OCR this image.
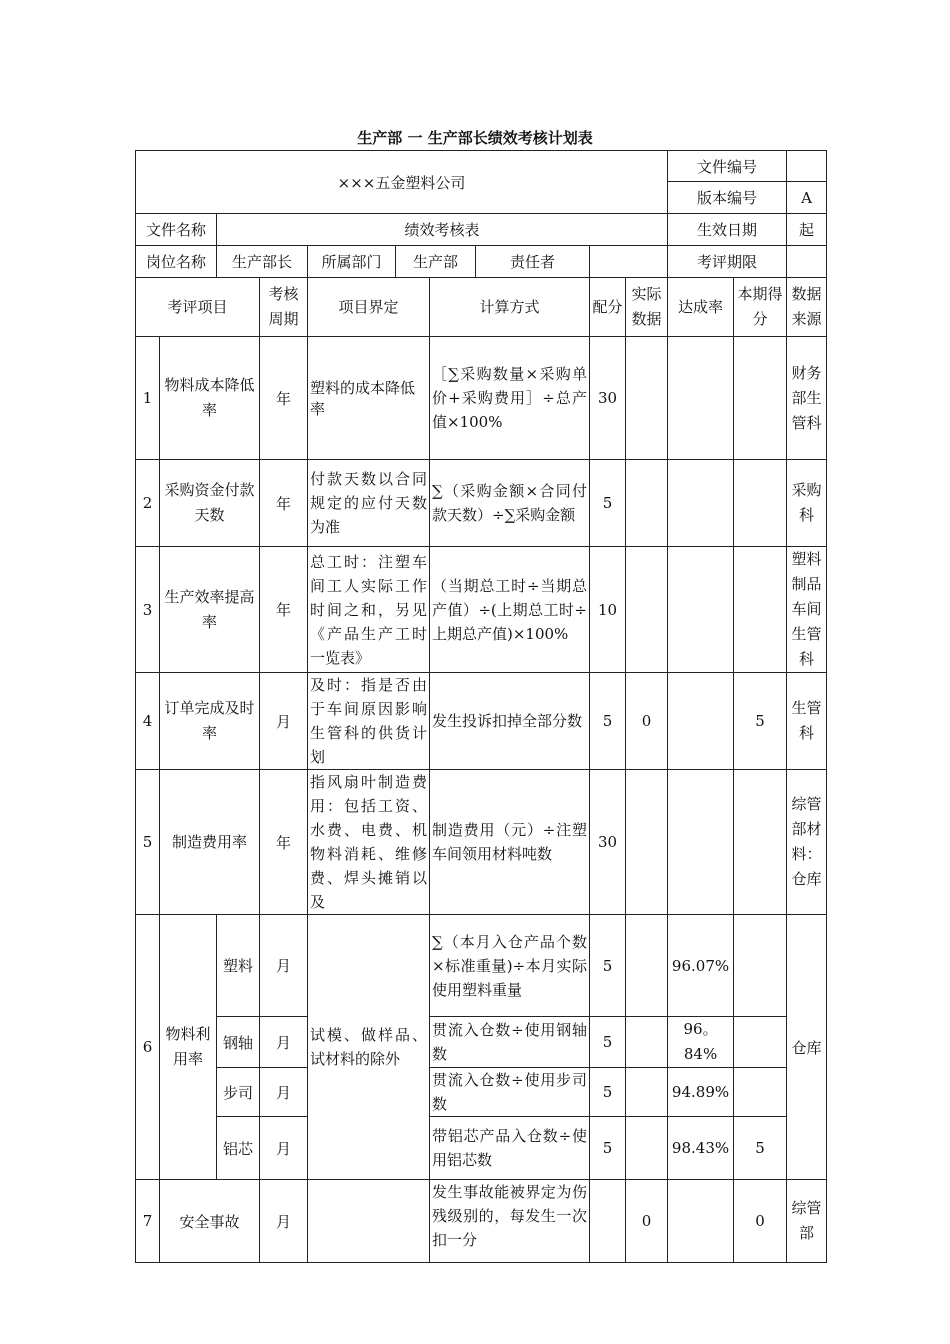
生产部 一 生产部长绩效考核计划表
×××五金塑料公司										文件编号		
										版本编号		A
文件名称		绩效考核表								生效日期		起
岗位名称		生产部长		所属部门	生产部		责任者			考评期限		
考评项目			考核周期	项目界定		计算方式		配分	实际数据	达成率	本期得分	数据来源
1	物料成本降低率		年	塑料的成本降低率		［∑采购数量×采购单价+采购费用］÷总产值×100%		30				财务部生管科
2	采购资金付款天数		年	付款天数以合同规定的应付天数为准		∑（采购金额×合同付款天数）÷∑采购金额		5				采购科
3	生产效率提高率		年	总工时：注塑车间工人实际工作时间之和，另见《产品生产工时一览表》		（当期总工时÷当期总产值）÷(上期总工时÷上期总产值)×100%		10				塑料制品车间生管科
4	订单完成及时率		月	及时：指是否由于车间原因影响生管科的供货计划		发生投诉扣掉全部分数		5	0		5	生管科
5	制造费用率		年	指风扇叶制造费用：包括工资、水费、电费、机物料消耗、维修费、焊头摊销以及		制造费用（元）÷注塑车间领用材料吨数		30				综管部材料：仓库
6	物料利用率	塑料	月	试模、做样品、试材料的除外		∑（本月入仓产品个数×标准重量)÷本月实际使用塑料重量		5		96.07%		仓库
		钢轴	月			贯流入仓数÷使用钢轴数		5		96。84%		
		步司	月			贯流入仓数÷使用步司数		5		94.89%		
		铝芯	月			带铝芯产品入仓数÷使用铝芯数		5		98.43%	5	
7	安全事故		月			发生事故能被界定为伤残级别的，每发生一次扣一分			0		0	综管部
